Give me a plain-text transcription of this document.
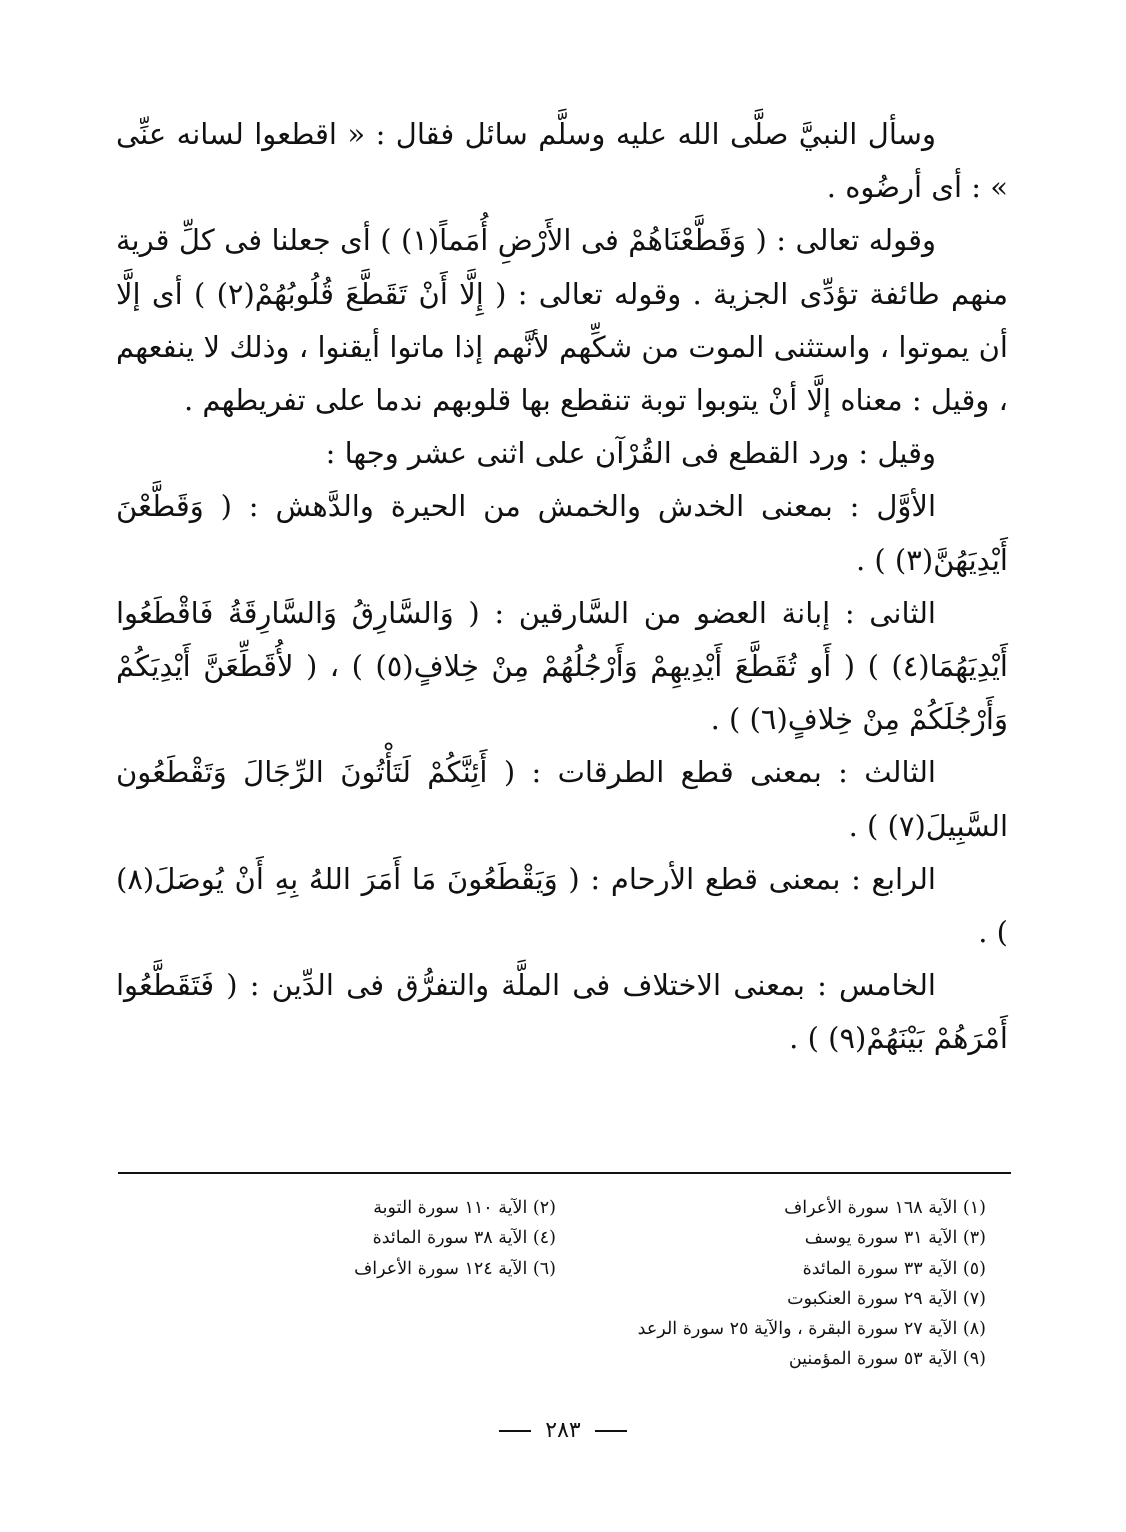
وسأل النبيَّ صلَّى الله عليه وسلَّم سائل فقال : « اقطعوا لسانه عنِّى » : أى أرضُوه .

وقوله تعالى : ( وَقَطَّعْنَاهُمْ فى الأَرْضِ أُمَماً(١) ) أى جعلنا فى كلِّ قرية منهم طائفة تؤدِّى الجزية . وقوله تعالى : ( إِلَّا أَنْ تَقَطَّعَ قُلُوبُهُمْ(٢) ) أى إلَّا أن يموتوا ، واستثنى الموت من شكِّهم لأنَّهم إذا ماتوا أيقنوا ، وذلك لا ينفعهم ، وقيل : معناه إلَّا أنْ يتوبوا توبة تنقطع بها قلوبهم ندما على تفريطهم .

وقيل : ورد القطع فى القُرْآن على اثنى عشر وجها :

الأوَّل : بمعنى الخدش والخمش من الحيرة والدَّهش : ( وَقَطَّعْنَ أَيْدِيَهُنَّ(٣) ) .

الثانى : إبانة العضو من السَّارقين : ( وَالسَّارِقُ وَالسَّارِقَةُ فَاقْطَعُوا أَيْدِيَهُمَا(٤) ) ( أَو تُقَطَّعَ أَيْدِيهِمْ وَأَرْجُلُهُمْ مِنْ خِلافٍ(٥) ) ، ( لأُقَطِّعَنَّ أَيْدِيَكُمْ وَأَرْجُلَكُمْ مِنْ خِلافٍ(٦) ) .

الثالث : بمعنى قطع الطرقات : ( أَئِنَّكُمْ لَتَأْتُونَ الرِّجَالَ وَتَقْطَعُون السَّبِيلَ(٧) ) .

الرابع : بمعنى قطع الأرحام : ( وَيَقْطَعُونَ مَا أَمَرَ اللهُ بِهِ أَنْ يُوصَلَ(٨) ) .

الخامس : بمعنى الاختلاف فى الملَّة والتفرُّق فى الدِّين : ( فَتَقَطَّعُوا أَمْرَهُمْ بَيْنَهُمْ(٩) ) .

(١) الآية ١٦٨ سورة الأعراف
(٢) الآية ١١٠ سورة التوبة
(٣) الآية ٣١ سورة يوسف
(٤) الآية ٣٨ سورة المائدة
(٥) الآية ٣٣ سورة المائدة
(٦) الآية ١٢٤ سورة الأعراف
(٧) الآية ٢٩ سورة العنكبوت
(٨) الآية ٢٧ سورة البقرة ، والآية ٢٥ سورة الرعد
(٩) الآية ٥٣ سورة المؤمنين
٢٨٣
